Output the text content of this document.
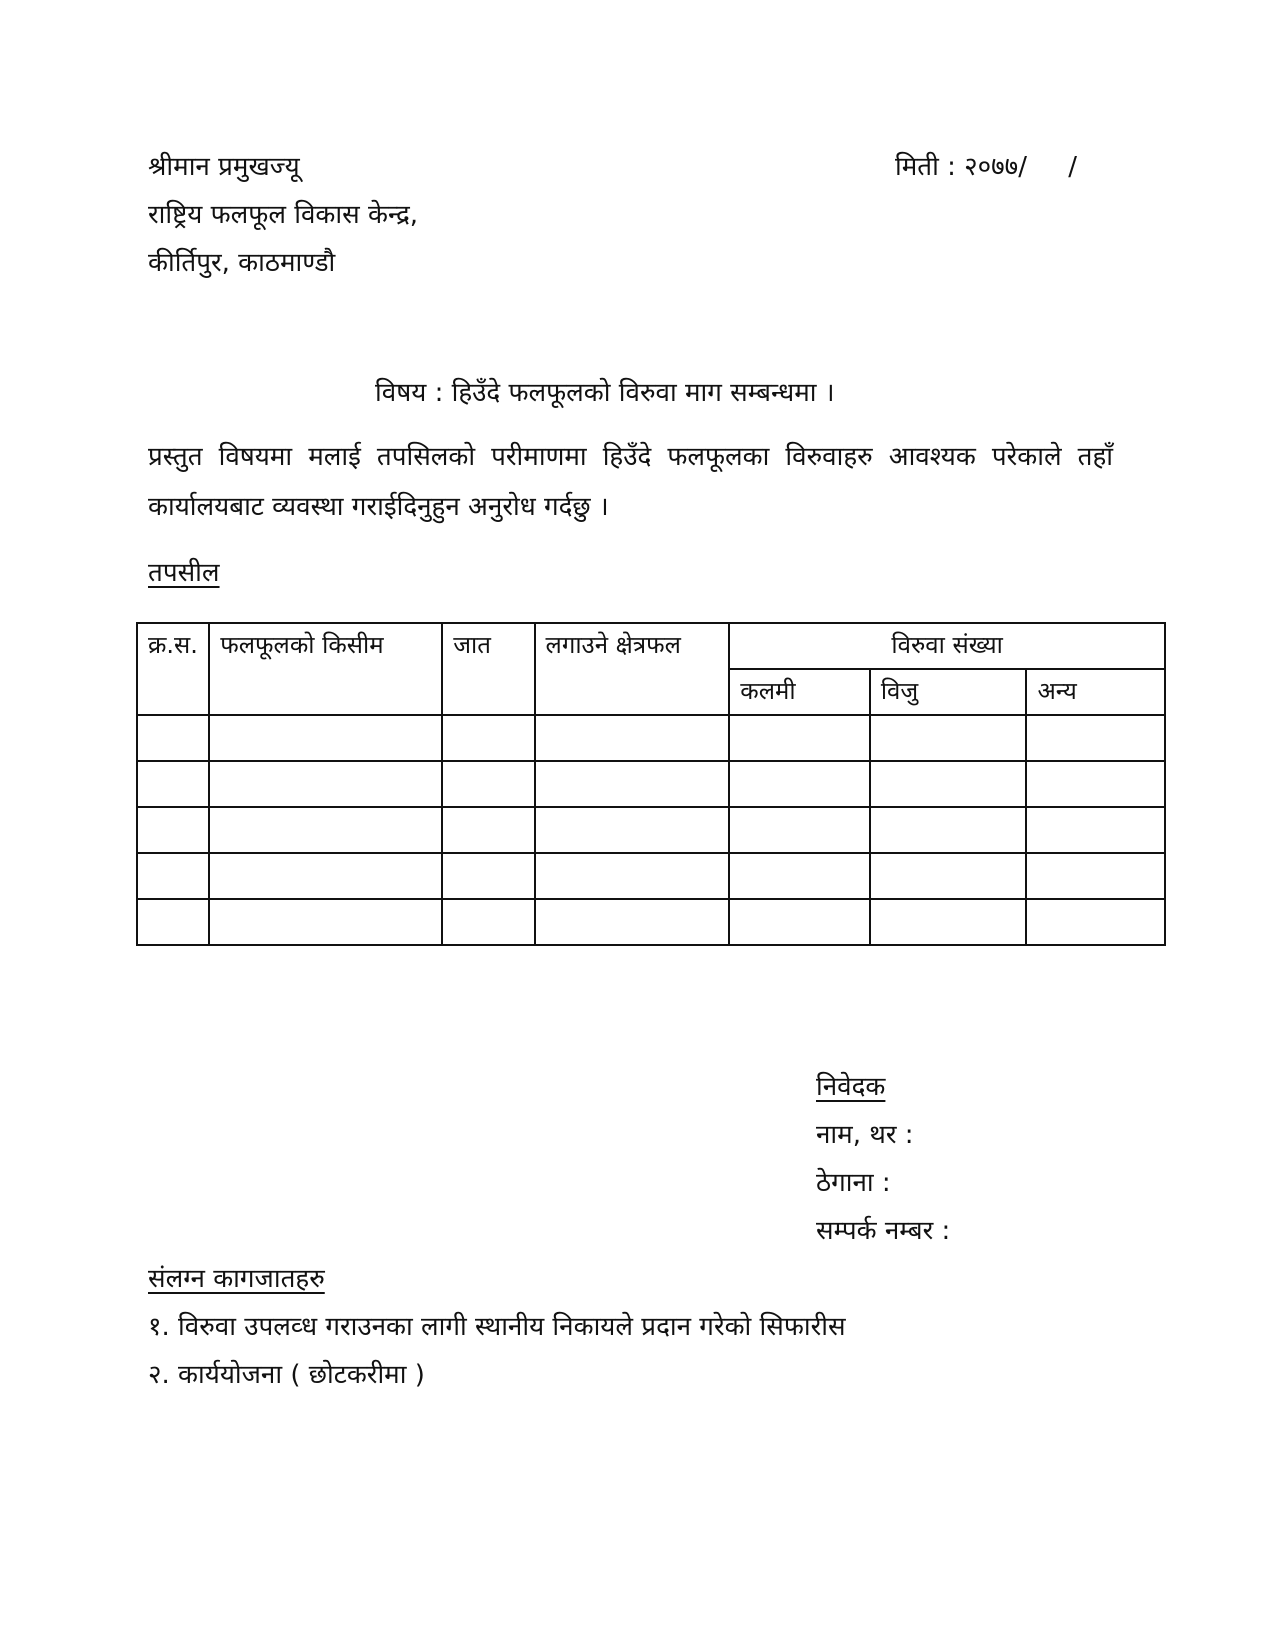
श्रीमान प्रमुखज्यू
राष्ट्रिय फलफूल विकास केन्द्र,
कीर्तिपुर, काठमाण्डौ
मिती : २०७७/     /
विषय : हिउँदे फलफूलको विरुवा माग सम्बन्धमा ।
प्रस्तुत विषयमा मलाई तपसिलको परीमाणमा हिउँदे फलफूलका विरुवाहरु आवश्यक परेकाले तहाँ कार्यालयबाट व्यवस्था गराईदिनुहुन अनुरोध गर्दछु ।
तपसील
क्र.स.	फलफूलको किसीम	जात	लगाउने क्षेत्रफल	विरुवा संख्या		
				कलमी	विजु	अन्य

निवेदक
नाम, थर :
ठेगाना :
सम्पर्क नम्बर :
संलग्न कागजातहरु
१. विरुवा उपलव्ध गराउनका लागी स्थानीय निकायले प्रदान गरेको सिफारीस
२. कार्ययोजना ( छोटकरीमा )
